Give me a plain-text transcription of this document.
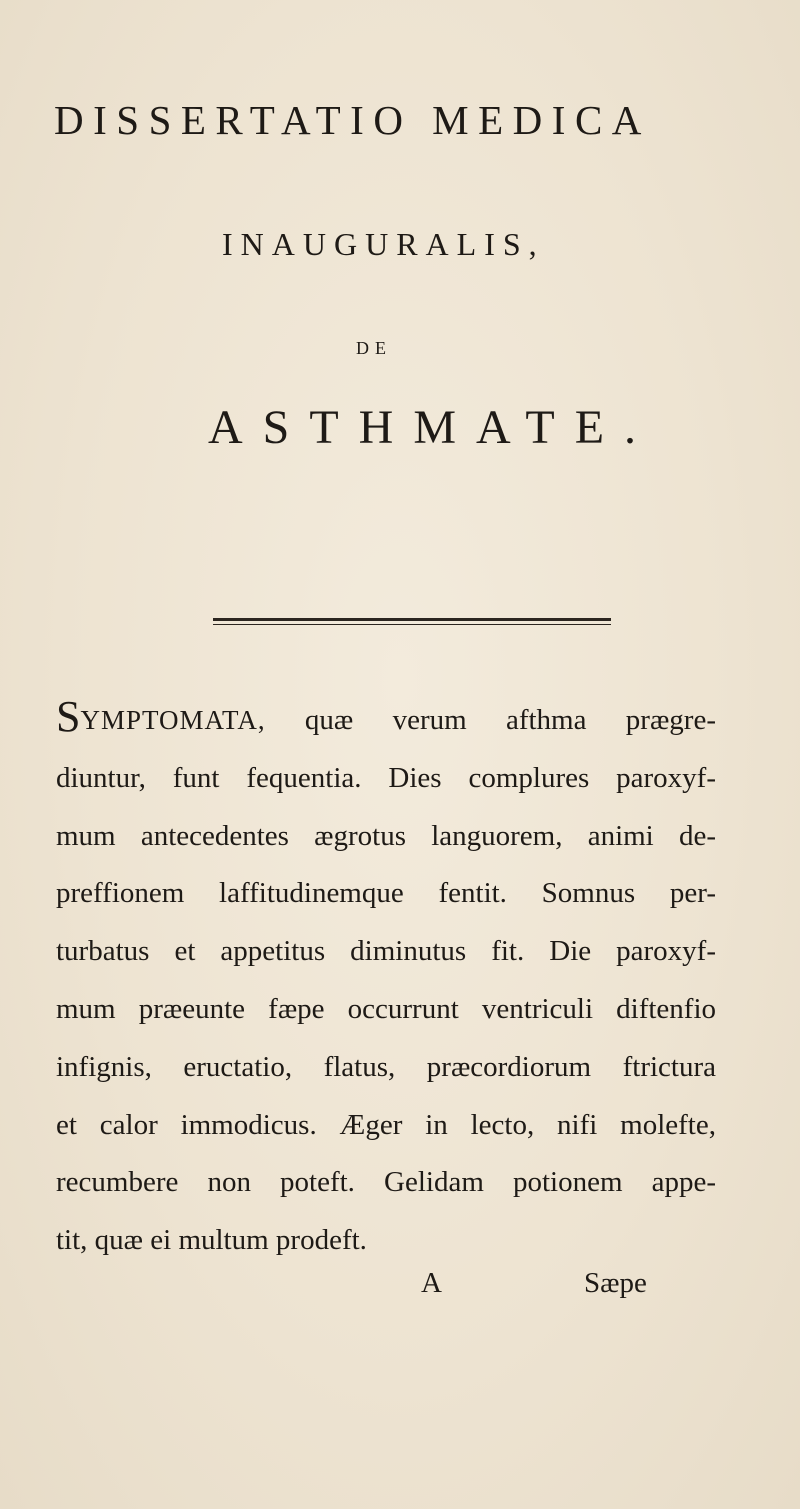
DISSERTATIO MEDICA
INAUGURALIS,
DE
ASTHMATE.
SYMPTOMATA, quæ verum afthma prægre-
diuntur, funt fequentia. Dies complures paroxyf-
mum antecedentes ægrotus languorem, animi de-
preffionem laffitudinemque fentit. Somnus per-
turbatus et appetitus diminutus fit. Die paroxyf-
mum præeunte fæpe occurrunt ventriculi diftenfio
infignis, eructatio, flatus, præcordiorum ftrictura
et calor immodicus. Æger in lecto, nifi molefte,
recumbere non poteft. Gelidam potionem appe-
tit, quæ ei multum prodeft.
A	Sæpe
